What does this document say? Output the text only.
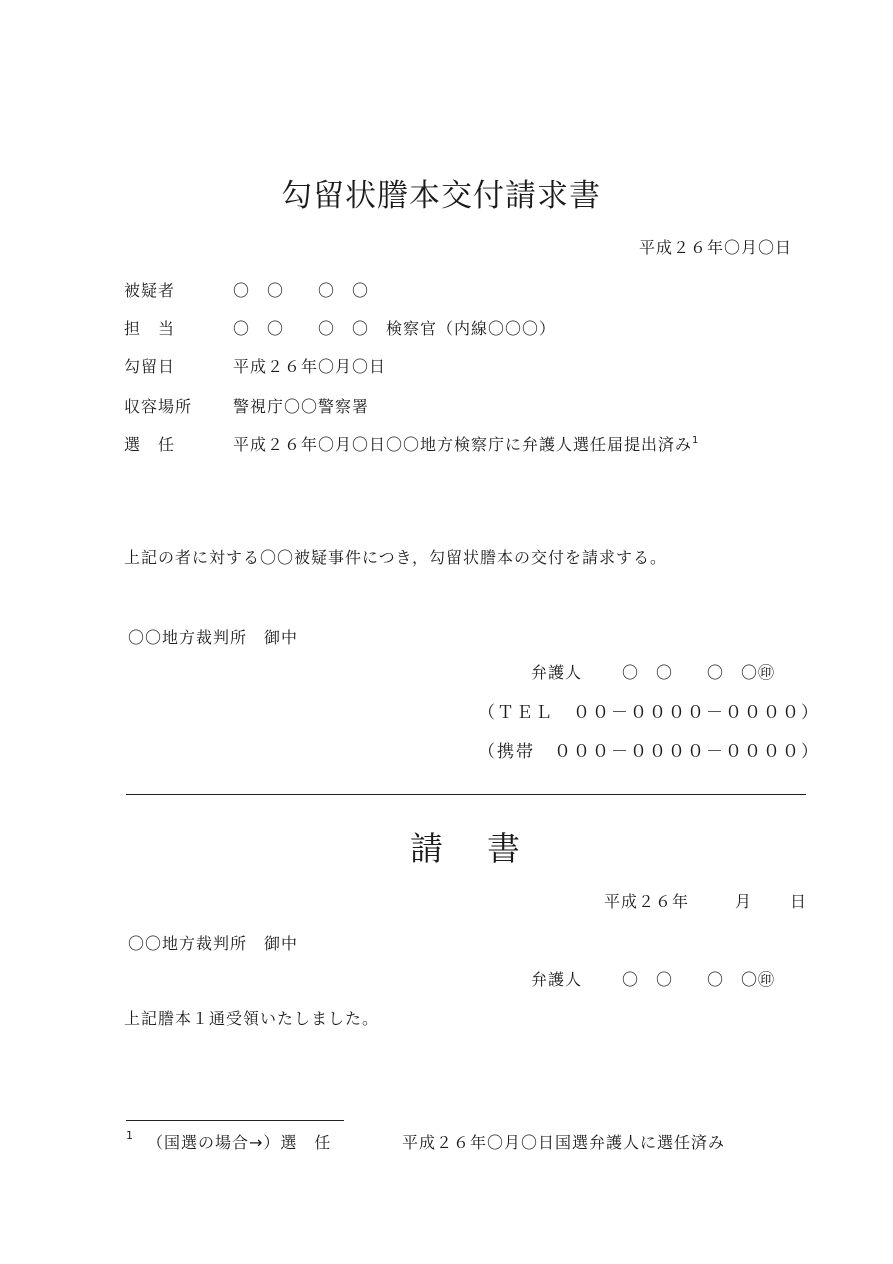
勾留状謄本交付請求書
平成２６年〇月〇日
被疑者	〇　〇　　〇　〇
担　当	〇　〇　　〇　〇　検察官（内線〇〇〇）
勾留日	平成２６年〇月〇日
収容場所	警視庁〇〇警察署
選　任	平成２６年〇月〇日〇〇地方検察庁に弁護人選任届提出済み$^1$
上記の者に対する〇〇被疑事件につき，勾留状謄本の交付を請求する。
〇〇地方裁判所　御中
弁護人 〇　〇　　〇　〇㊞
（ＴＥＬ　００－００００－００００）
（携帯　０００－００００－００００）
請 書
平成２６年	月 日
〇〇地方裁判所　御中
弁護人 〇　〇　　〇　〇㊞
上記謄本１通受領いたしました。
1 （国選の場合→）選　任	平成２６年〇月〇日国選弁護人に選任済み
